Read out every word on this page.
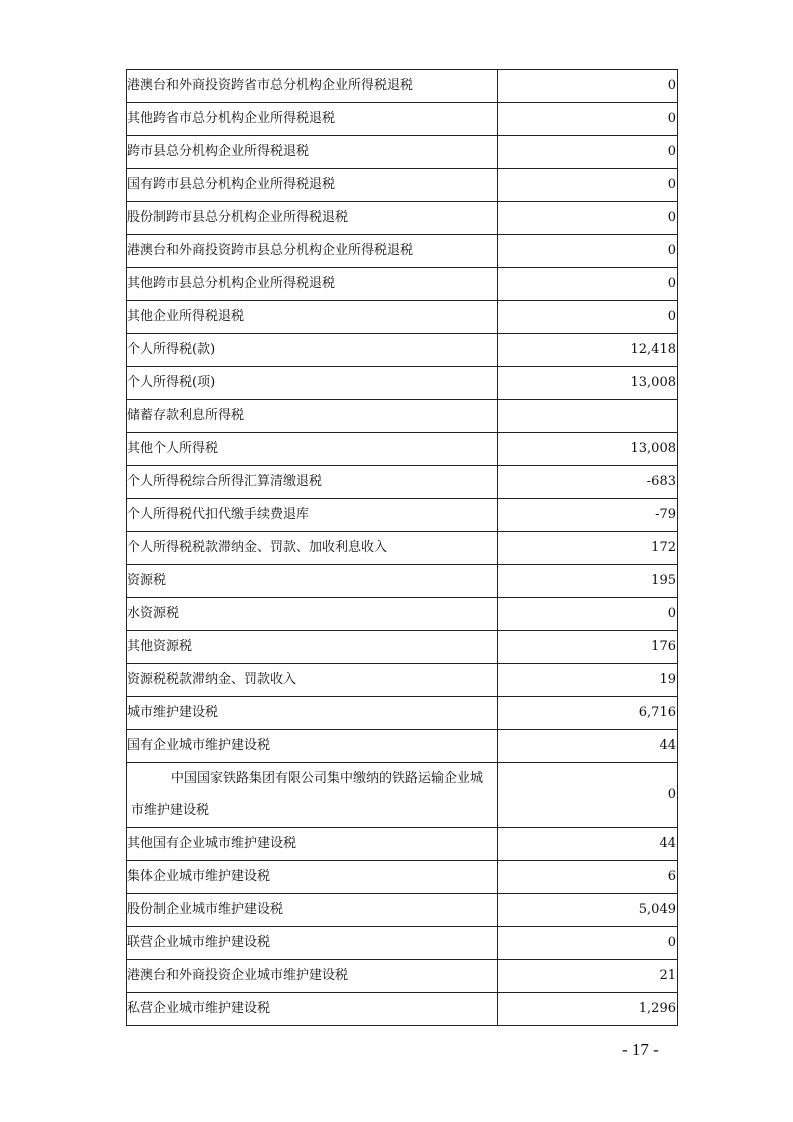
港澳台和外商投资跨省市总分机构企业所得税退税	0
其他跨省市总分机构企业所得税退税	0
跨市县总分机构企业所得税退税	0
国有跨市县总分机构企业所得税退税	0
股份制跨市县总分机构企业所得税退税	0
港澳台和外商投资跨市县总分机构企业所得税退税	0
其他跨市县总分机构企业所得税退税	0
其他企业所得税退税	0
个人所得税(款)	12,418
个人所得税(项)	13,008
储蓄存款利息所得税	
其他个人所得税	13,008
个人所得税综合所得汇算清缴退税	-683
个人所得税代扣代缴手续费退库	-79
个人所得税税款滞纳金、罚款、加收利息收入	172
资源税	195
水资源税	0
其他资源税	176
资源税税款滞纳金、罚款收入	19
城市维护建设税	6,716
国有企业城市维护建设税	44

中国国家铁路集团有限公司集中缴纳的铁路运输企业城市维护建设税	0
其他国有企业城市维护建设税	44
集体企业城市维护建设税	6
股份制企业城市维护建设税	5,049
联营企业城市维护建设税	0
港澳台和外商投资企业城市维护建设税	21
私营企业城市维护建设税	1,296
- 17 -
